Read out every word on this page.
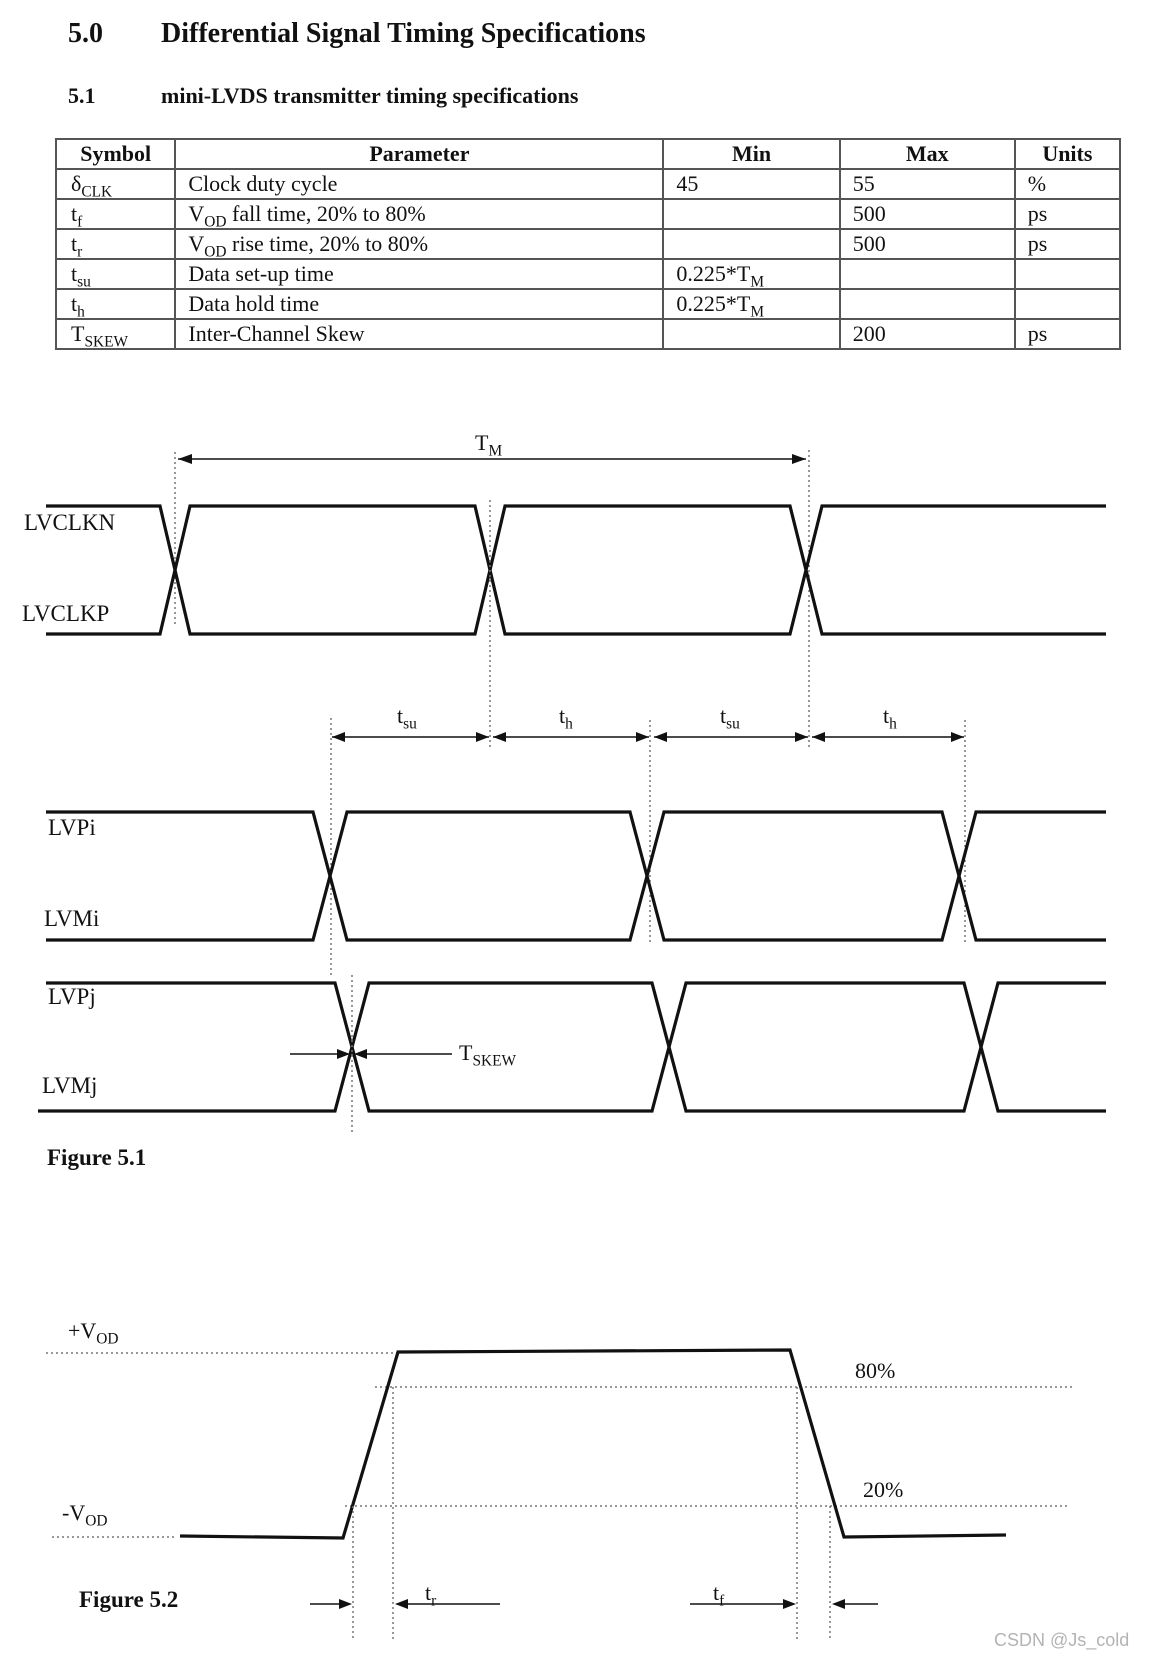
5.0 Differential Signal Timing Specifications
5.1	mini-LVDS transmitter timing specifications
Symbol	Parameter	Min	Max	Units
$\delta_{CLK}$	Clock duty cycle	45	55	%
$t_f$	$V_{OD}$ fall time, 20% to 80%		500	ps
$t_r$	$V_{OD}$ rise time, 20% to 80%		500	ps
$t_{su}$	Data set-up time	$0.225*T_M$		
$t_h$	Data hold time	$0.225*T_M$		
$T_{SKEW}$	Inter-Channel Skew		200	ps
$T_M$
LVCLKN
LVCLKP
$t_{su}$	$t_h$	$t_{su}$	$t_h$
LVPi
LVMi
LVPj
LVMj
$T_{SKEW}$
Figure 5.1
$+V_{OD}$
$-V_{OD}$
80%
20%
$t_r$	$t_f$
Figure 5.2
CSDN @Js_cold
